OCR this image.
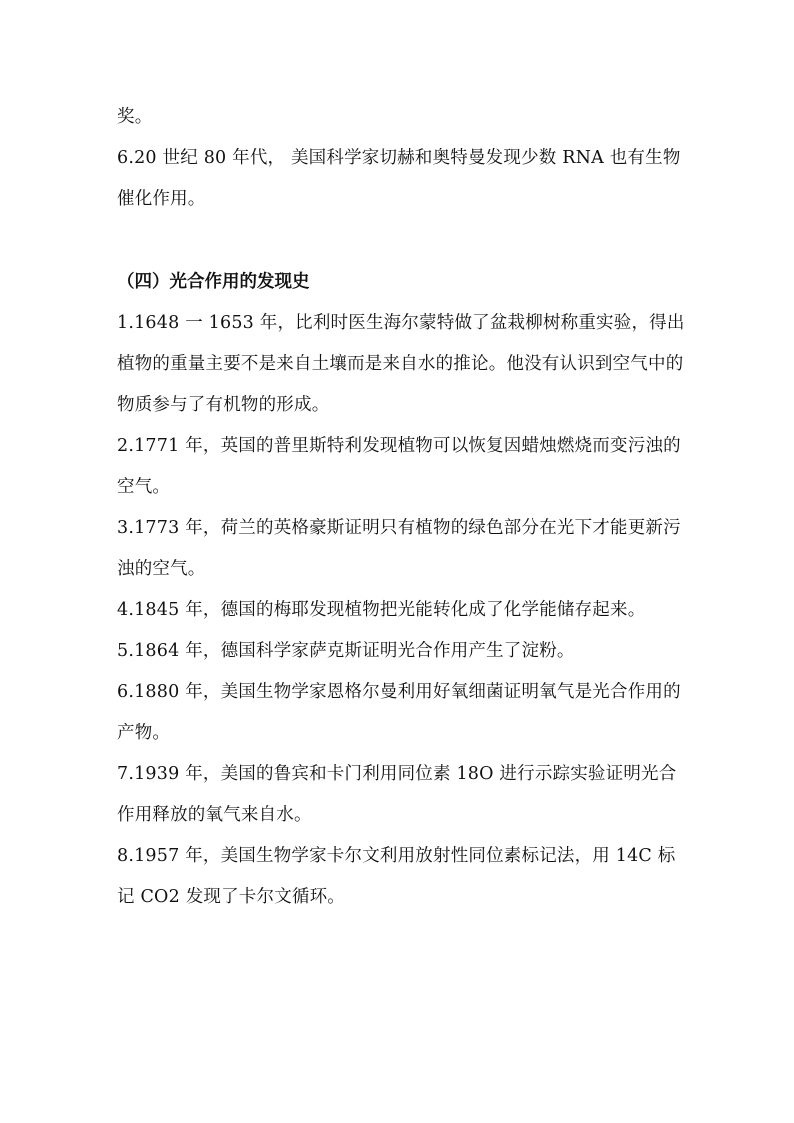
奖。

6.20 世纪 80 年代， 美国科学家切赫和奥特曼发现少数 RNA 也有生物催化作用。

（四）光合作用的发现史

1.1648 一 1653 年，比利时医生海尔蒙特做了盆栽柳树称重实验，得出植物的重量主要不是来自土壤而是来自水的推论。他没有认识到空气中的物质参与了有机物的形成。

2.1771 年，英国的普里斯特利发现植物可以恢复因蜡烛燃烧而变污浊的空气。

3.1773 年，荷兰的英格豪斯证明只有植物的绿色部分在光下才能更新污浊的空气。

4.1845 年，德国的梅耶发现植物把光能转化成了化学能储存起来。

5.1864 年，德国科学家萨克斯证明光合作用产生了淀粉。

6.1880 年，美国生物学家恩格尔曼利用好氧细菌证明氧气是光合作用的产物。

7.1939 年，美国的鲁宾和卡门利用同位素 18O 进行示踪实验证明光合作用释放的氧气来自水。

8.1957 年，美国生物学家卡尔文利用放射性同位素标记法，用 14C 标记 CO2 发现了卡尔文循环。
